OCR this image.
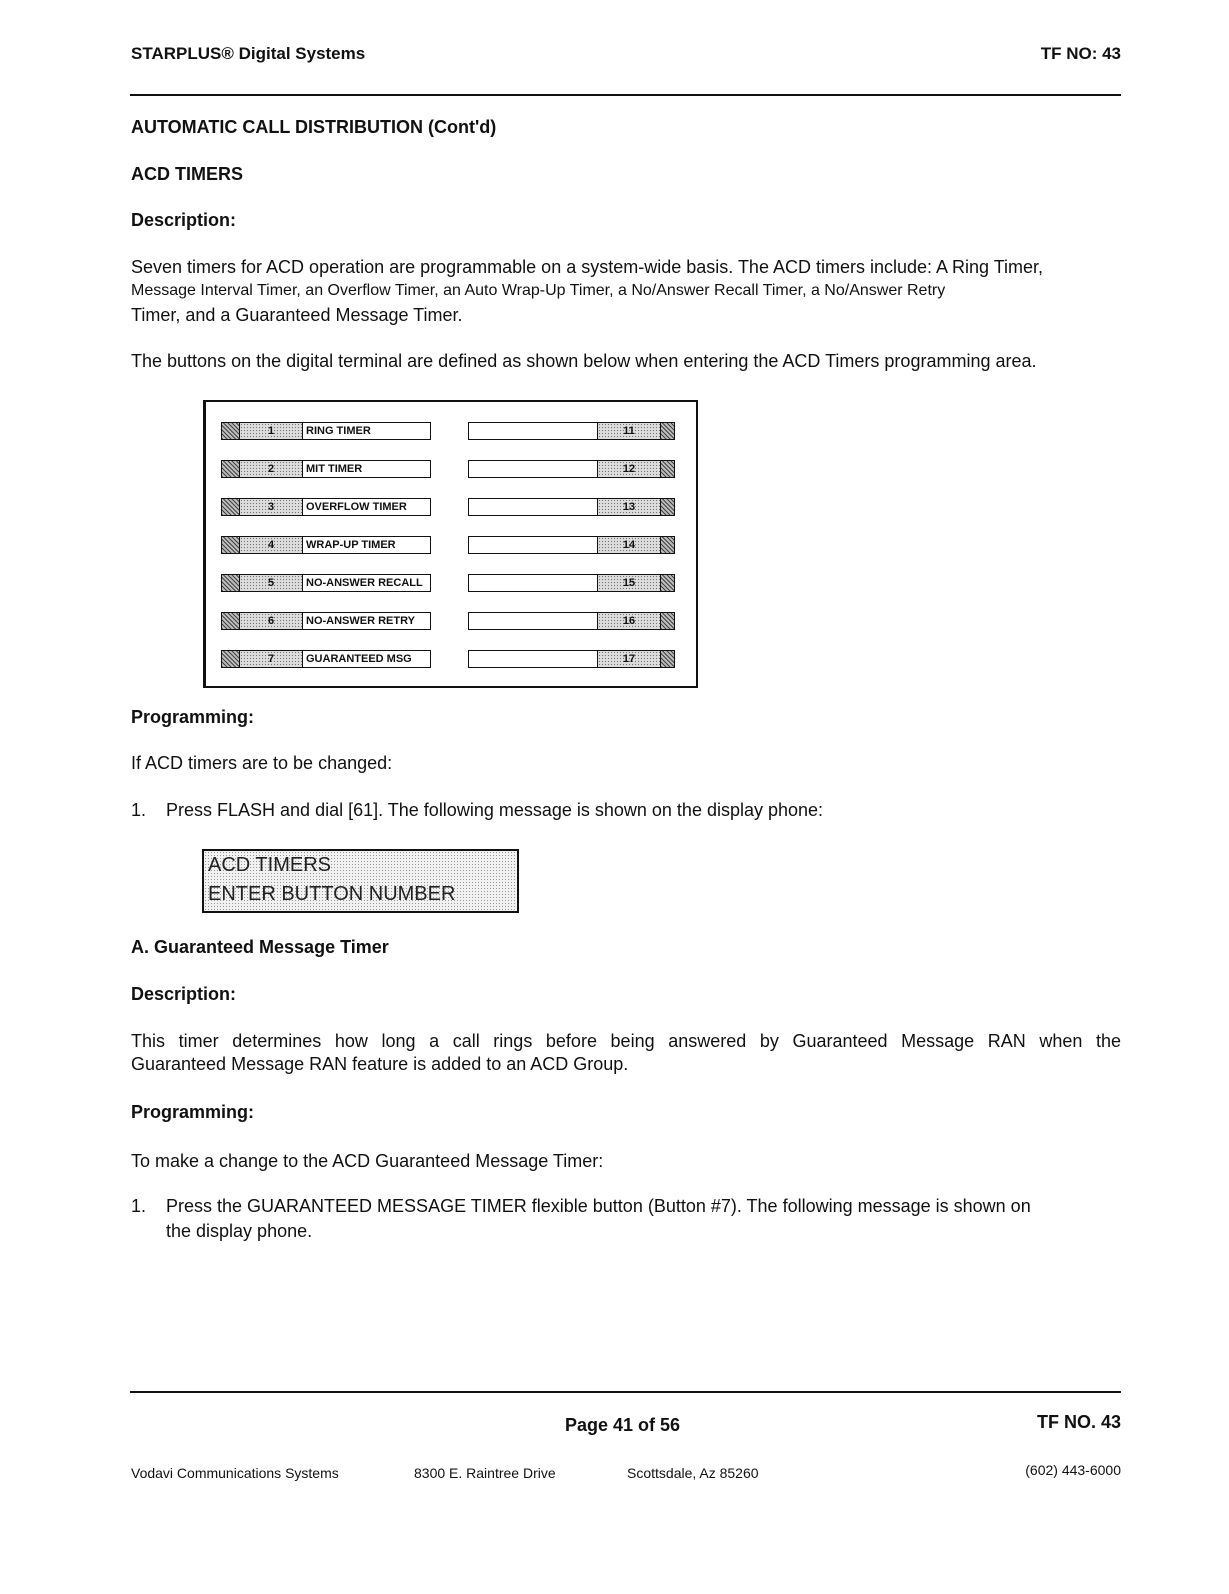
STARPLUS® Digital Systems	TF NO: 43
AUTOMATIC CALL DISTRIBUTION (Cont'd)
ACD TIMERS
Description:
Seven timers for ACD operation are programmable on a system-wide basis. The ACD timers include: A Ring Timer,
Message Interval Timer, an Overflow Timer, an Auto Wrap-Up Timer, a No/Answer Recall Timer, a No/Answer Retry
Timer, and a Guaranteed Message Timer.
The buttons on the digital terminal are defined as shown below when entering the ACD Timers programming area.
1	RING TIMER
2	MIT TIMER
3	OVERFLOW TIMER
4	WRAP-UP TIMER
5	NO-ANSWER RECALL
6	NO-ANSWER RETRY
7	GUARANTEED MSG
11
12
13
14
15
16
17
Programming:
If ACD timers are to be changed:
1. Press FLASH and dial [61]. The following message is shown on the display phone:
ACD TIMERS
ENTER BUTTON NUMBER
A. Guaranteed Message Timer
Description:
This timer determines how long a call rings before being answered by Guaranteed Message RAN when the
Guaranteed Message RAN feature is added to an ACD Group.
Programming:
To make a change to the ACD Guaranteed Message Timer:
1. Press the GUARANTEED MESSAGE TIMER flexible button (Button #7). The following message is shown on
the display phone.
Page 41 of 56	TF NO. 43
Vodavi Communications Systems	8300 E. Raintree Drive	Scottsdale, Az 85260	(602) 443-6000
